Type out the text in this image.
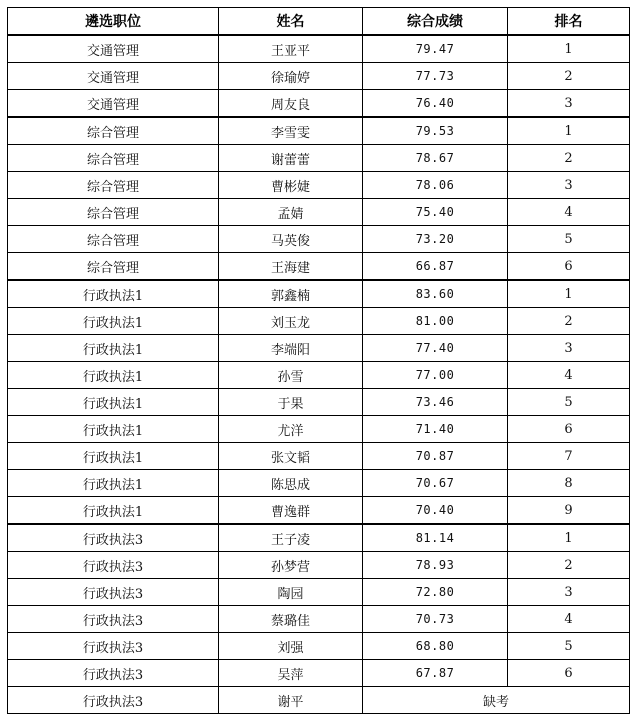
遴选职位	姓名	综合成绩	排名
交通管理	王亚平	79.47	1
交通管理	徐瑜婷	77.73	2
交通管理	周友良	76.40	3
综合管理	李雪雯	79.53	1
综合管理	谢蕾蕾	78.67	2
综合管理	曹彬婕	78.06	3
综合管理	孟婧	75.40	4
综合管理	马英俊	73.20	5
综合管理	王海建	66.87	6
行政执法1	郭鑫楠	83.60	1
行政执法1	刘玉龙	81.00	2
行政执法1	李端阳	77.40	3
行政执法1	孙雪	77.00	4
行政执法1	于果	73.46	5
行政执法1	尤洋	71.40	6
行政执法1	张文韬	70.87	7
行政执法1	陈思成	70.67	8
行政执法1	曹逸群	70.40	9
行政执法3	王子凌	81.14	1
行政执法3	孙梦营	78.93	2
行政执法3	陶园	72.80	3
行政执法3	蔡璐佳	70.73	4
行政执法3	刘强	68.80	5
行政执法3	吴萍	67.87	6
行政执法3	谢平	缺考	
